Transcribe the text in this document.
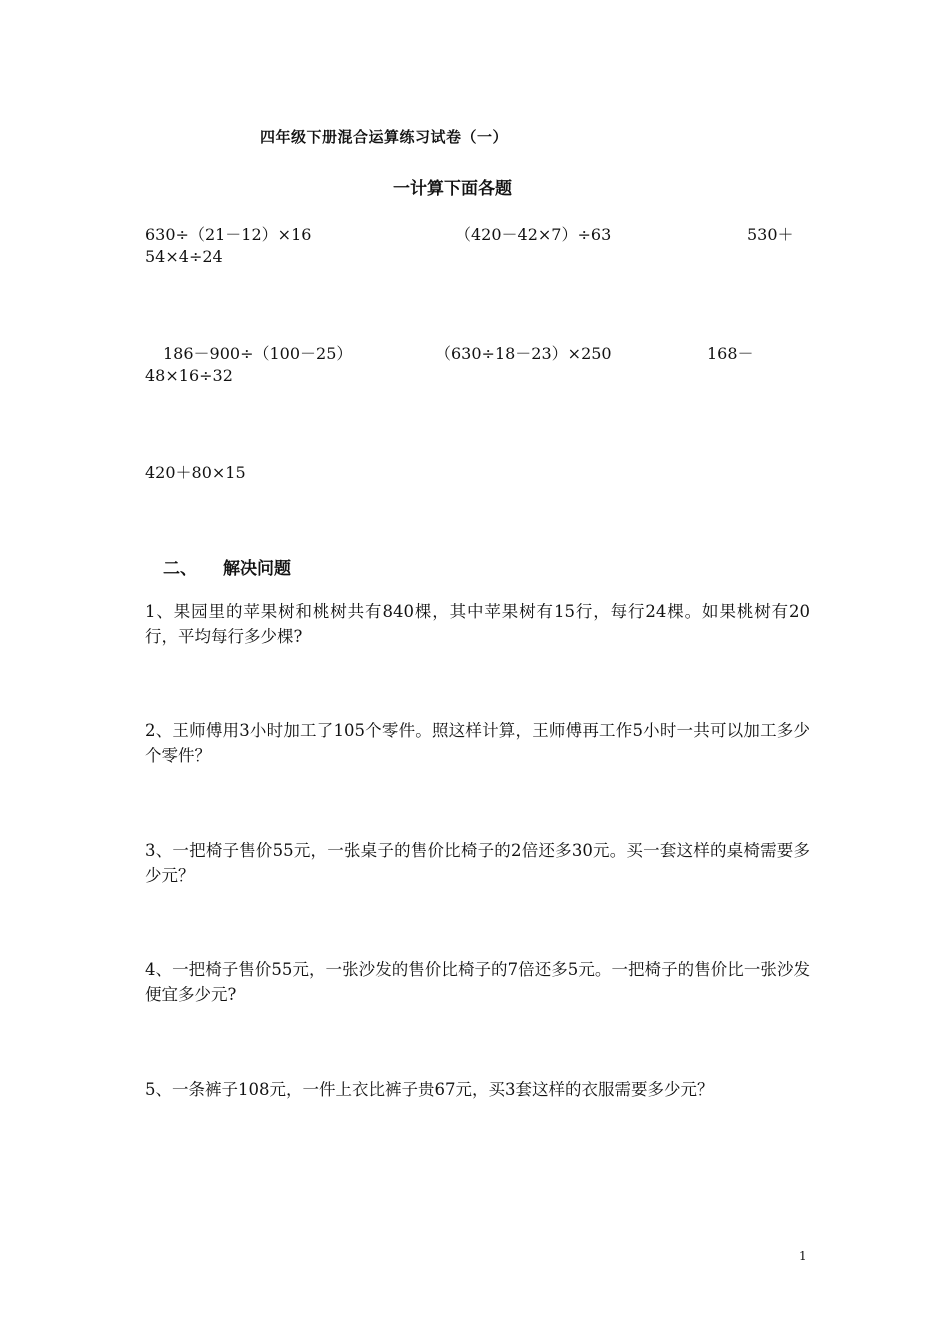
四年级下册混合运算练习试卷（一）
一计算下面各题
630÷（21－12）×16	（420－42×7）÷63	530＋
54×4÷24
186－900÷（100－25）	（630÷18－23）×250	168－
48×16÷32
420＋80×15
二、 解决问题
1、果园里的苹果树和桃树共有840棵，其中苹果树有15行，每行24棵。如果桃树有20行，平均每行多少棵?
2、王师傅用3小时加工了105个零件。照这样计算，王师傅再工作5小时一共可以加工多少个零件？
3、一把椅子售价55元，一张桌子的售价比椅子的2倍还多30元。买一套这样的桌椅需要多少元？
4、一把椅子售价55元，一张沙发的售价比椅子的7倍还多5元。一把椅子的售价比一张沙发便宜多少元?
5、一条裤子108元，一件上衣比裤子贵67元，买3套这样的衣服需要多少元？
1
